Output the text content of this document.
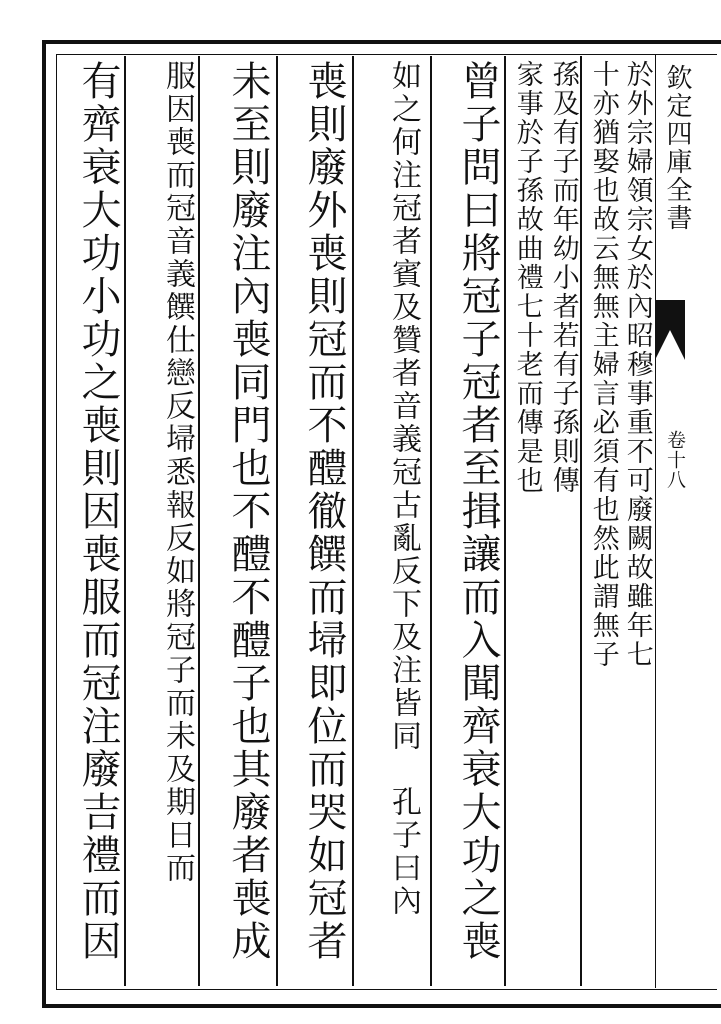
欽定四庫全書
卷十八
於外宗婦領宗女於內昭穆事重不可廢闕故雖年七
十亦猶娶也故云無無主婦言必須有也然此謂無子
孫及有子而年幼小者若有子孫則傳
家事於子孫故曲禮七十老而傳是也
曾子問曰將冠子冠者至揖讓而入聞齊衰大功之喪
如之何注冠者賓及贊者音義冠古亂反下及注皆同　孔子曰內
喪則廢外喪則冠而不醴徹饌而埽即位而哭如冠者
未至則廢注內喪同門也不醴不醴子也其廢者喪成
服因喪而冠音義饌仕戀反埽悉報反如將冠子而未及期日而
有齊衰大功小功之喪則因喪服而冠注廢吉禮而因
